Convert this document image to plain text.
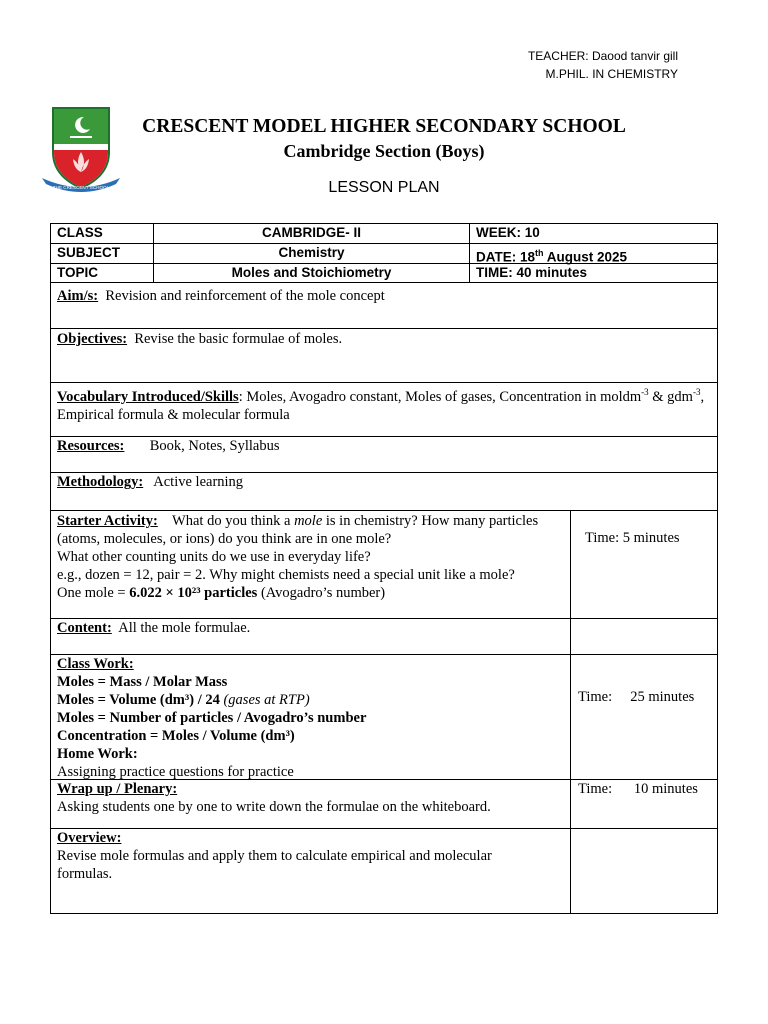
TEACHER: Daood tanvir gill
M.PHIL. IN CHEMISTRY
THE CRESCENT SCHOOL
CRESCENT MODEL HIGHER SECONDARY SCHOOL
Cambridge Section (Boys)
LESSON PLAN
CLASS	CAMBRIDGE- II	WEEK: 10
SUBJECT	Chemistry	DATE: 18th August 2025
TOPIC	Moles and Stoichiometry	TIME: 40 minutes
Aim/s: Revision and reinforcement of the mole concept
Objectives: Revise the basic formulae of moles.
Vocabulary Introduced/Skills: Moles, Avogadro constant, Moles of gases, Concentration in moldm$^{-3}$ & gdm$^{-3}$, Empirical formula & molecular formula
Resources: Book, Notes, Syllabus
Methodology: Active learning
Starter Activity: What do you think a mole is in chemistry? How many particles (atoms, molecules, or ions) do you think are in one mole?
What other counting units do we use in everyday life?
e.g., dozen = 12, pair = 2. Why might chemists need a special unit like a mole?
One mole = 6.022 × 10²³ particles (Avogadro’s number)
Time: 5 minutes
Content: All the mole formulae.
Class Work:
Moles = Mass / Molar Mass
Moles = Volume (dm³) / 24 (gases at RTP)
Moles = Number of particles / Avogadro’s number
Concentration = Moles / Volume (dm³)
Home Work:
Assigning practice questions for practice
Time: 25 minutes
Wrap up / Plenary:
Asking students one by one to write down the formulae on the whiteboard.
Time: 10 minutes
Overview:
Revise mole formulas and apply them to calculate empirical and molecular formulas.
